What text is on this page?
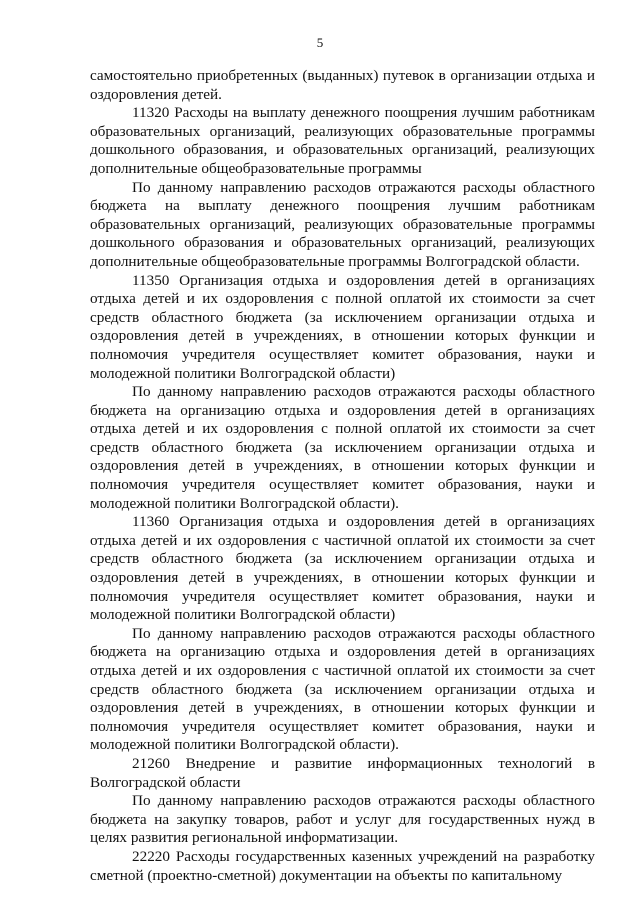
5

самостоятельно приобретенных (выданных) путевок в организации отдыха и оздоровления детей.

11320 Расходы на выплату денежного поощрения лучшим работникам образовательных организаций, реализующих образовательные программы дошкольного образования, и образовательных организаций, реализующих дополнительные общеобразовательные программы

По данному направлению расходов отражаются расходы областного бюджета на выплату денежного поощрения лучшим работникам образовательных организаций, реализующих образовательные программы дошкольного образования и образовательных организаций, реализующих дополнительные общеобразовательные программы Волгоградской области.

11350 Организация отдыха и оздоровления детей в организациях отдыха детей и их оздоровления с полной оплатой их стоимости за счет средств областного бюджета (за исключением организации отдыха и оздоровления детей в учреждениях, в отношении которых функции и полномочия учредителя осуществляет комитет образования, науки и молодежной политики Волгоградской области)

По данному направлению расходов отражаются расходы областного бюджета на организацию отдыха и оздоровления детей в организациях отдыха детей и их оздоровления с полной оплатой их стоимости за счет средств областного бюджета (за исключением организации отдыха и оздоровления детей в учреждениях, в отношении которых функции и полномочия учредителя осуществляет комитет образования, науки и молодежной политики Волгоградской области).

11360 Организация отдыха и оздоровления детей в организациях отдыха детей и их оздоровления с частичной оплатой их стоимости за счет средств областного бюджета (за исключением организации отдыха и оздоровления детей в учреждениях, в отношении которых функции и полномочия учредителя осуществляет комитет образования, науки и молодежной политики Волгоградской области)

По данному направлению расходов отражаются расходы областного бюджета на организацию отдыха и оздоровления детей в организациях отдыха детей и их оздоровления с частичной оплатой их стоимости за счет средств областного бюджета (за исключением организации отдыха и оздоровления детей в учреждениях, в отношении которых функции и полномочия учредителя осуществляет комитет образования, науки и молодежной политики Волгоградской области).

21260 Внедрение и развитие информационных технологий в Волгоградской области

По данному направлению расходов отражаются расходы областного бюджета на закупку товаров, работ и услуг для государственных нужд в целях развития региональной информатизации.

22220 Расходы государственных казенных учреждений на разработку сметной (проектно-сметной) документации на объекты по капитальному
